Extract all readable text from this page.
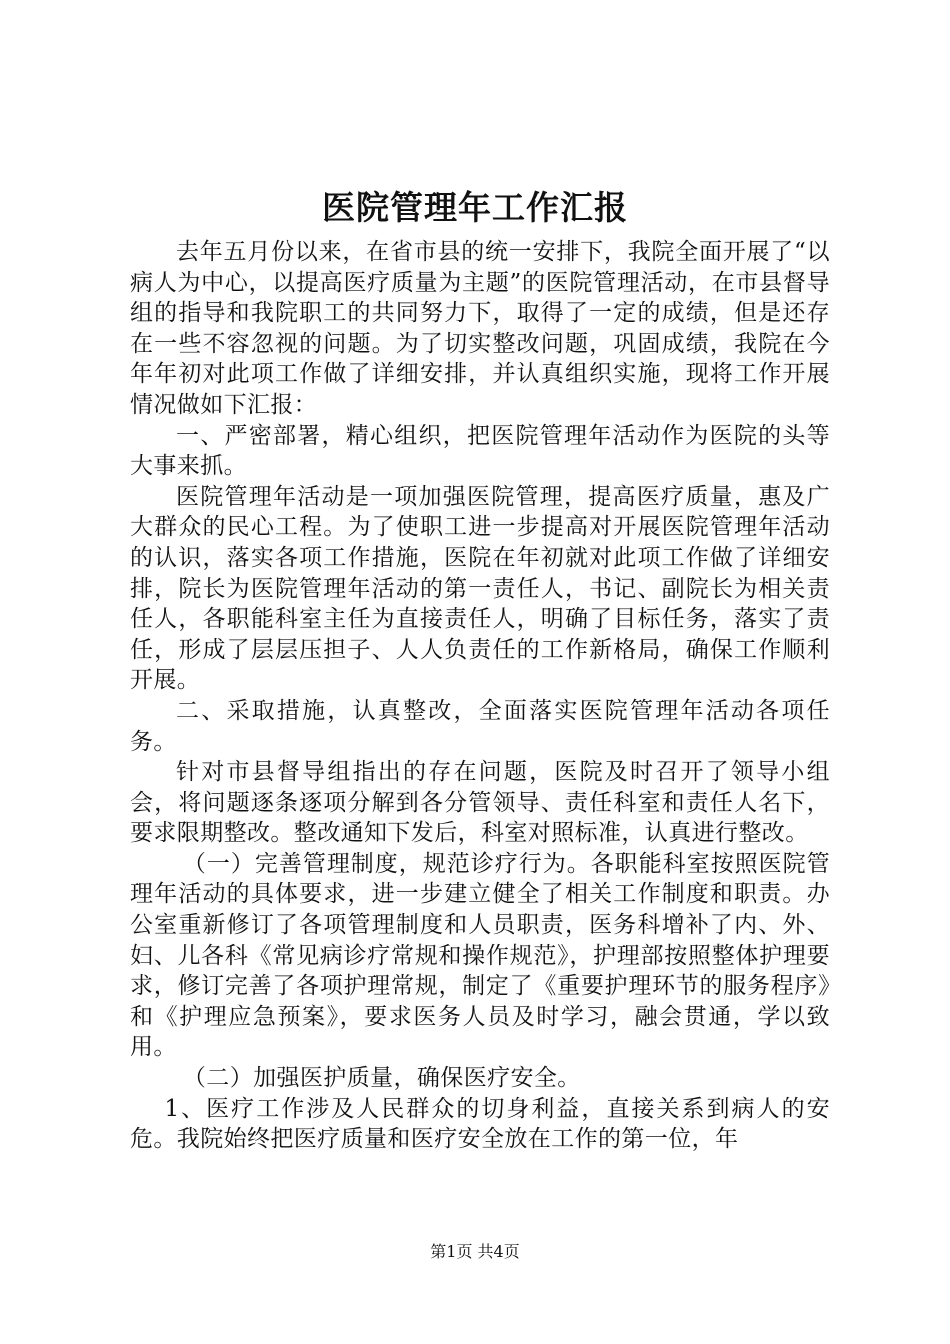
医院管理年工作汇报

去年五月份以来，在省市县的统一安排下，我院全面开展了“以病人为中心，以提高医疗质量为主题”的医院管理活动，在市县督导组的指导和我院职工的共同努力下，取得了一定的成绩，但是还存在一些不容忽视的问题。为了切实整改问题，巩固成绩，我院在今年年初对此项工作做了详细安排，并认真组织实施，现将工作开展情况做如下汇报：

一、严密部署，精心组织，把医院管理年活动作为医院的头等大事来抓。

医院管理年活动是一项加强医院管理，提高医疗质量，惠及广大群众的民心工程。为了使职工进一步提高对开展医院管理年活动的认识，落实各项工作措施，医院在年初就对此项工作做了详细安排，院长为医院管理年活动的第一责任人，书记、副院长为相关责任人，各职能科室主任为直接责任人，明确了目标任务，落实了责任，形成了层层压担子、人人负责任的工作新格局，确保工作顺利开展。

二、采取措施，认真整改，全面落实医院管理年活动各项任务。

针对市县督导组指出的存在问题，医院及时召开了领导小组会，将问题逐条逐项分解到各分管领导、责任科室和责任人名下，要求限期整改。整改通知下发后，科室对照标准，认真进行整改。

（一）完善管理制度，规范诊疗行为。各职能科室按照医院管理年活动的具体要求，进一步建立健全了相关工作制度和职责。办公室重新修订了各项管理制度和人员职责，医务科增补了内、外、妇、儿各科《常见病诊疗常规和操作规范》，护理部按照整体护理要求，修订完善了各项护理常规，制定了《重要护理环节的服务程序》和《护理应急预案》，要求医务人员及时学习，融会贯通，学以致用。

（二）加强医护质量，确保医疗安全。

1、医疗工作涉及人民群众的切身利益，直接关系到病人的安危。我院始终把医疗质量和医疗安全放在工作的第一位，年

第1页 共4页
